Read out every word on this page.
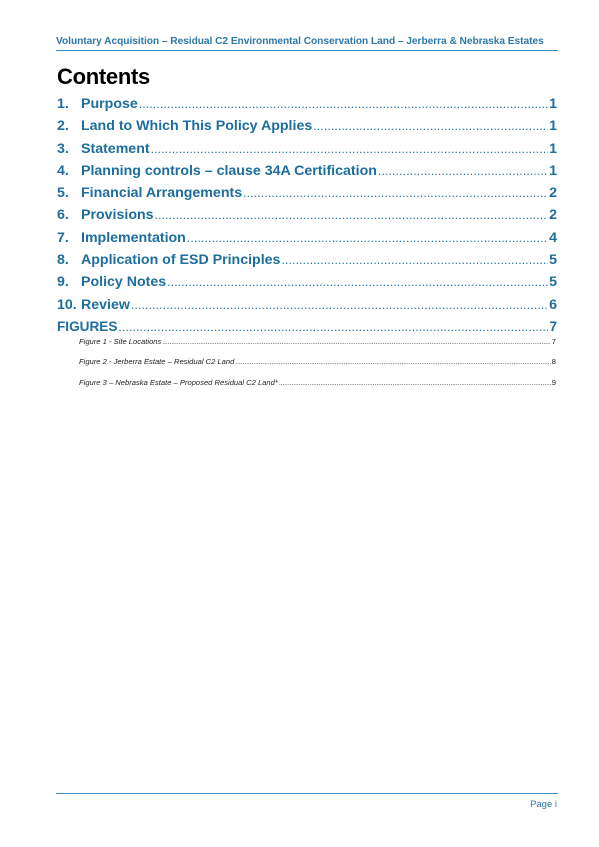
Voluntary Acquisition – Residual C2 Environmental Conservation Land – Jerberra & Nebraska Estates
Contents
1. Purpose .....	1
2. Land to Which This Policy Applies .....	1
3. Statement .....	1
4. Planning controls – clause 34A Certification .....	1
5. Financial Arrangements .....	2
6. Provisions .....	2
7. Implementation .....	4
8. Application of ESD Principles .....	5
9. Policy Notes .....	5
10. Review .....	6
FIGURES .....	7
Figure 1 - Site Locations .....	7
Figure 2 - Jerberra Estate – Residual C2 Land .....	8
Figure 3 – Nebraska Estate – Proposed Residual C2 Land* .....	9
Page i
